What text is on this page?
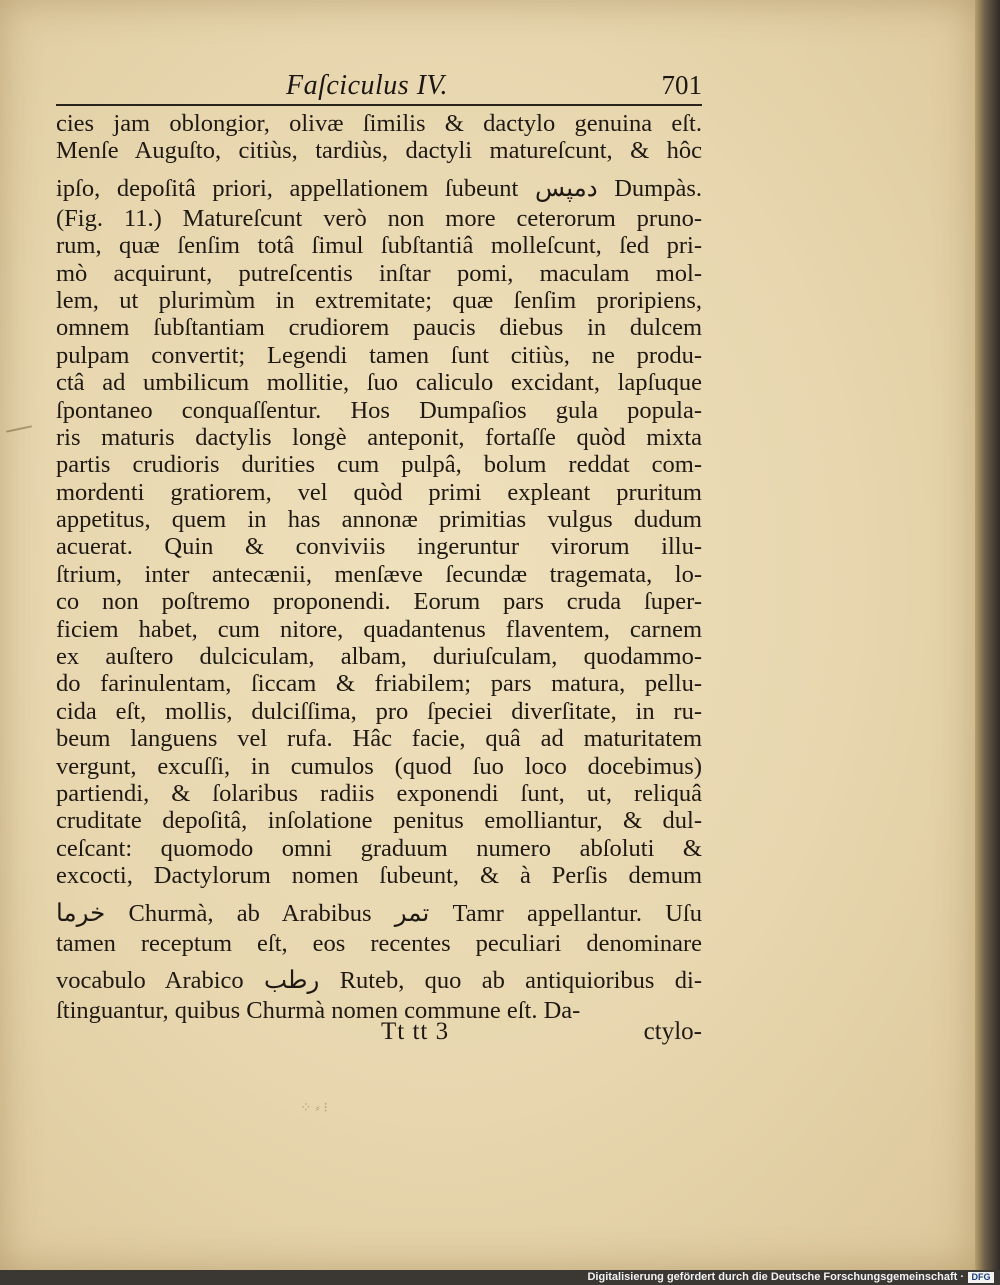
Faſciculus IV.	701
cies jam oblongior, olivæ ſimilis & dactylo genuina eſt.
Menſe Auguſto, citiùs, tardiùs, dactyli matureſcunt, & hôc
ipſo, depoſitâ priori, appellationem ſubeunt دمپس Dumpàs.
(Fig. 11.) Matureſcunt verò non more ceterorum pruno-
rum, quæ ſenſim totâ ſimul ſubſtantiâ molleſcunt, ſed pri-
mò acquirunt, putreſcentis inſtar pomi, maculam mol-
lem, ut plurimùm in extremitate; quæ ſenſim proripiens,
omnem ſubſtantiam crudiorem paucis diebus in dulcem
pulpam convertit; Legendi tamen ſunt citiùs, ne produ-
ctâ ad umbilicum mollitie, ſuo caliculo excidant, lapſuque
ſpontaneo conquaſſentur. Hos Dumpaſios gula popula-
ris maturis dactylis longè anteponit, fortaſſe quòd mixta
partis crudioris durities cum pulpâ, bolum reddat com-
mordenti gratiorem, vel quòd primi expleant pruritum
appetitus, quem in has annonæ primitias vulgus dudum
acuerat. Quin & conviviis ingeruntur virorum illu-
ſtrium, inter antecænii, menſæve ſecundæ tragemata, lo-
co non poſtremo proponendi. Eorum pars cruda ſuper-
ficiem habet, cum nitore, quadantenus flaventem, carnem
ex auſtero dulciculam, albam, duriuſculam, quodammo-
do farinulentam, ſiccam & friabilem; pars matura, pellu-
cida eſt, mollis, dulciſſima, pro ſpeciei diverſitate, in ru-
beum languens vel rufa. Hâc facie, quâ ad maturitatem
vergunt, excuſſi, in cumulos (quod ſuo loco docebimus)
partiendi, & ſolaribus radiis exponendi ſunt, ut, reliquâ
cruditate depoſitâ, inſolatione penitus emolliantur, & dul-
ceſcant: quomodo omni graduum numero abſoluti &
excocti, Dactylorum nomen ſubeunt, & à Perſis demum
خرما Churmà, ab Arabibus تمر Tamr appellantur. Uſu
tamen receptum eſt, eos recentes peculiari denominare
vocabulo Arabico رطب Ruteb, quo ab antiquioribus di-
ſtinguantur, quibus Churmà nomen commune eſt. Da-
Tt tt 3	ctylo-
⁘ ⸗ ⁝
Digitalisierung gefördert durch die Deutsche Forschungsgemeinschaft · DFG
